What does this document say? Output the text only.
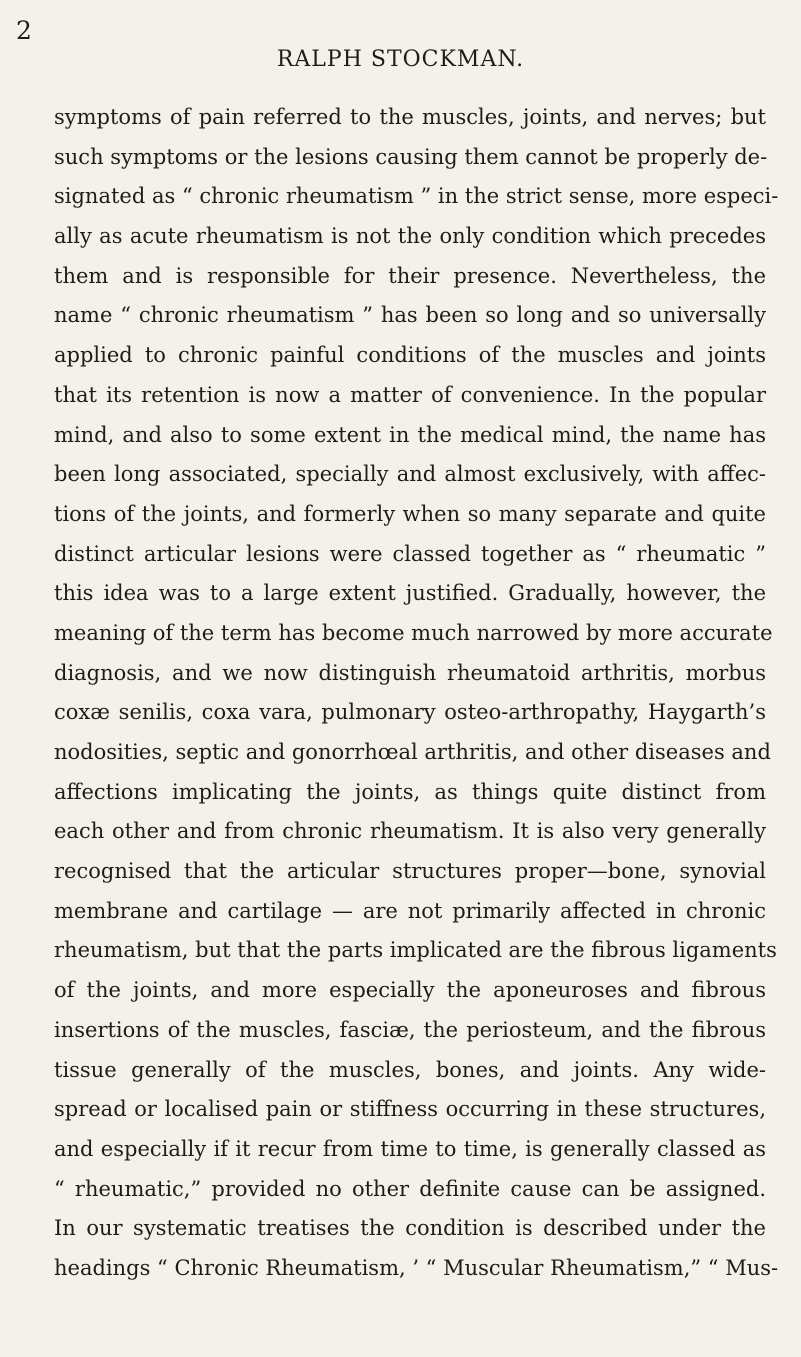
2
RALPH STOCKMAN.
symptoms of pain referred to the muscles, joints, and nerves; but
such symptoms or the lesions causing them cannot be properly de-
signated as “ chronic rheumatism ” in the strict sense, more especi-
ally as acute rheumatism is not the only condition which precedes
them and is responsible for their presence. Nevertheless, the
name “ chronic rheumatism ” has been so long and so universally
applied to chronic painful conditions of the muscles and joints
that its retention is now a matter of convenience. In the popular
mind, and also to some extent in the medical mind, the name has
been long associated, specially and almost exclusively, with affec-
tions of the joints, and formerly when so many separate and quite
distinct articular lesions were classed together as “ rheumatic ”
this idea was to a large extent justified. Gradually, however, the
meaning of the term has become much narrowed by more accurate
diagnosis, and we now distinguish rheumatoid arthritis, morbus
coxæ senilis, coxa vara, pulmonary osteo-arthropathy, Haygarth’s
nodosities, septic and gonorrhœal arthritis, and other diseases and
affections implicating the joints, as things quite distinct from
each other and from chronic rheumatism. It is also very generally
recognised that the articular structures proper—bone, synovial
membrane and cartilage — are not primarily affected in chronic
rheumatism, but that the parts implicated are the fibrous ligaments
of the joints, and more especially the aponeuroses and fibrous
insertions of the muscles, fasciæ, the periosteum, and the fibrous
tissue generally of the muscles, bones, and joints. Any wide-
spread or localised pain or stiffness occurring in these structures,
and especially if it recur from time to time, is generally classed as
“ rheumatic,” provided no other definite cause can be assigned.
In our systematic treatises the condition is described under the
headings “ Chronic Rheumatism, ’ “ Muscular Rheumatism,” “ Mus-
